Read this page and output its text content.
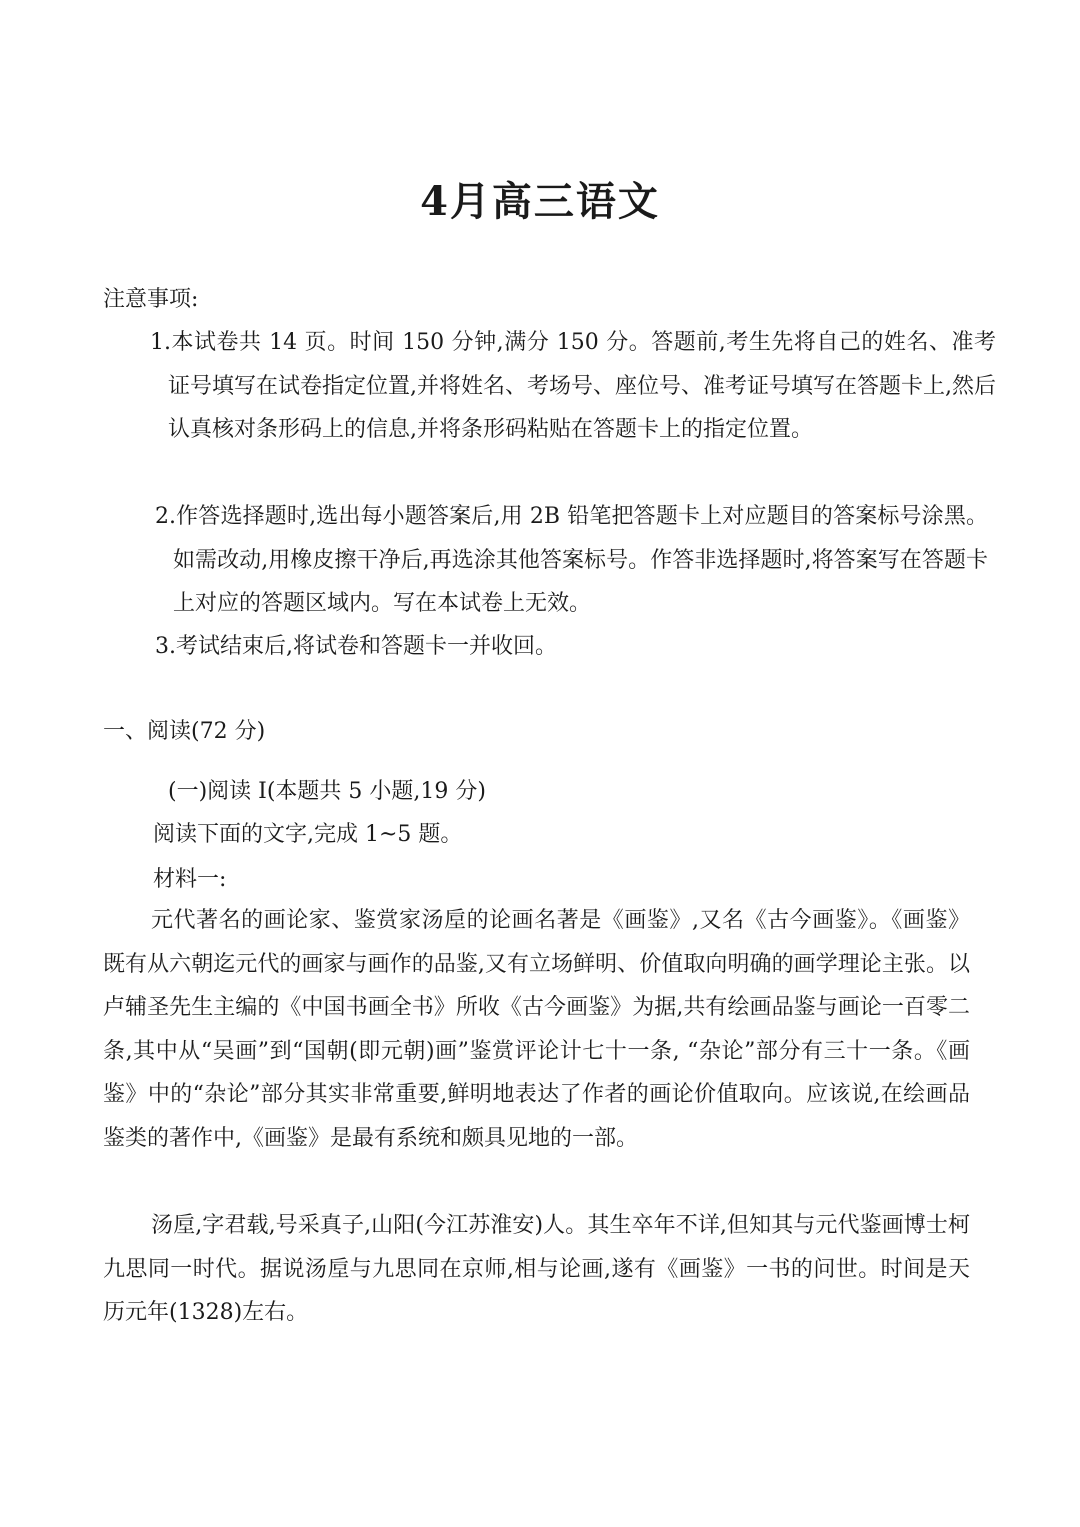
4月高三语文
注意事项:

1.本试卷共 14 页。时间 150 分钟,满分 150 分。答题前,考生先将自己的姓名、准考证号填写在试卷指定位置,并将姓名、考场号、座位号、准考证号填写在答题卡上,然后认真核对条形码上的信息,并将条形码粘贴在答题卡上的指定位置。

2.作答选择题时,选出每小题答案后,用 2B 铅笔把答题卡上对应题目的答案标号涂黑。如需改动,用橡皮擦干净后,再选涂其他答案标号。作答非选择题时,将答案写在答题卡上对应的答题区域内。写在本试卷上无效。

3.考试结束后,将试卷和答题卡一并收回。

一、阅读(72 分)
(一)阅读 I(本题共 5 小题,19 分)
阅读下面的文字,完成 1~5 题。
材料一:

元代著名的画论家、鉴赏家汤垕的论画名著是《画鉴》,又名《古今画鉴》。《画鉴》既有从六朝迄元代的画家与画作的品鉴,又有立场鲜明、价值取向明确的画学理论主张。以卢辅圣先生主编的《中国书画全书》所收《古今画鉴》为据,共有绘画品鉴与画论一百零二条,其中从“吴画”到“国朝(即元朝)画”鉴赏评论计七十一条, “杂论”部分有三十一条。《画鉴》中的“杂论”部分其实非常重要,鲜明地表达了作者的画论价值取向。应该说,在绘画品鉴类的著作中,《画鉴》是最有系统和颇具见地的一部。

汤垕,字君载,号采真子,山阳(今江苏淮安)人。其生卒年不详,但知其与元代鉴画博士柯九思同一时代。据说汤垕与九思同在京师,相与论画,遂有《画鉴》一书的问世。时间是天历元年(1328)左右。
